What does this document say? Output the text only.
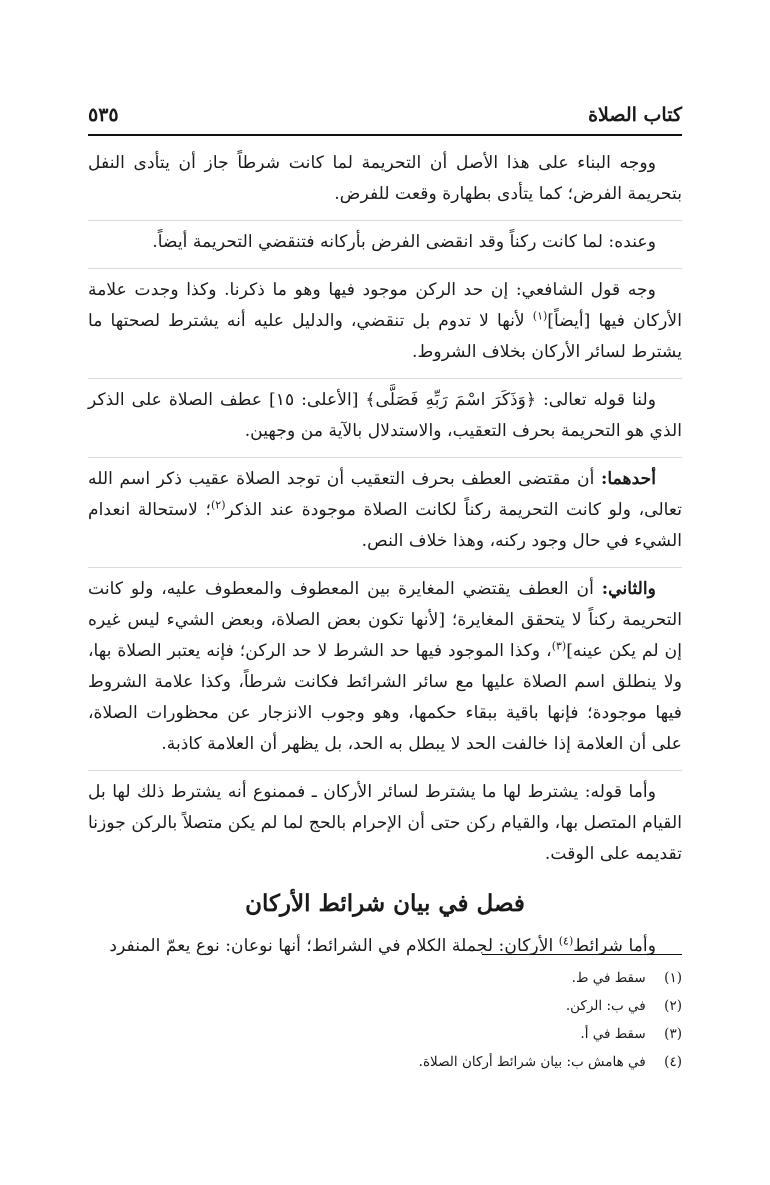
كتاب الصلاة
٥٣٥

ووجه البناء على هذا الأصل أن التحريمة لما كانت شرطاً جاز أن يتأدى النفل بتحريمة الفرض؛ كما يتأدى بطهارة وقعت للفرض.

وعنده: لما كانت ركناً وقد انقضى الفرض بأركانه فتنقضي التحريمة أيضاً.

وجه قول الشافعي: إن حد الركن موجود فيها وهو ما ذكرنا. وكذا وجدت علامة الأركان فيها [أيضاً]$^{(١)}$ لأنها لا تدوم بل تنقضي، والدليل عليه أنه يشترط لصحتها ما يشترط لسائر الأركان بخلاف الشروط.

ولنا قوله تعالى: ﴿وَذَكَرَ اسْمَ رَبِّهِ فَصَلَّى﴾ [الأعلى: ١٥] عطف الصلاة على الذكر الذي هو التحريمة بحرف التعقيب، والاستدلال بالآية من وجهين.

أحدهما: أن مقتضى العطف بحرف التعقيب أن توجد الصلاة عقيب ذكر اسم الله تعالى، ولو كانت التحريمة ركناً لكانت الصلاة موجودة عند الذكر$^{(٢)}$؛ لاستحالة انعدام الشيء في حال وجود ركنه، وهذا خلاف النص.

والثاني: أن العطف يقتضي المغايرة بين المعطوف والمعطوف عليه، ولو كانت التحريمة ركناً لا يتحقق المغايرة؛ [لأنها تكون بعض الصلاة، وبعض الشيء ليس غيره إن لم يكن عينه]$^{(٣)}$، وكذا الموجود فيها حد الشرط لا حد الركن؛ فإنه يعتبر الصلاة بها، ولا ينطلق اسم الصلاة عليها مع سائر الشرائط فكانت شرطاً، وكذا علامة الشروط فيها موجودة؛ فإنها باقية ببقاء حكمها، وهو وجوب الانزجار عن محظورات الصلاة، على أن العلامة إذا خالفت الحد لا يبطل به الحد، بل يظهر أن العلامة كاذبة.

وأما قوله: يشترط لها ما يشترط لسائر الأركان ـ فممنوع أنه يشترط ذلك لها بل القيام المتصل بها، والقيام ركن حتى أن الإحرام بالحج لما لم يكن متصلاً بالركن جوزنا تقديمه على الوقت.

فصل في بيان شرائط الأركان

وأما شرائط$^{(٤)}$ الأركان: لجملة الكلام في الشرائط؛ أنها نوعان: نوع يعمّ المنفرد

(١) سقط في ط.
(٢) في ب: الركن.
(٣) سقط في أ.
(٤) في هامش ب: بيان شرائط أركان الصلاة.
